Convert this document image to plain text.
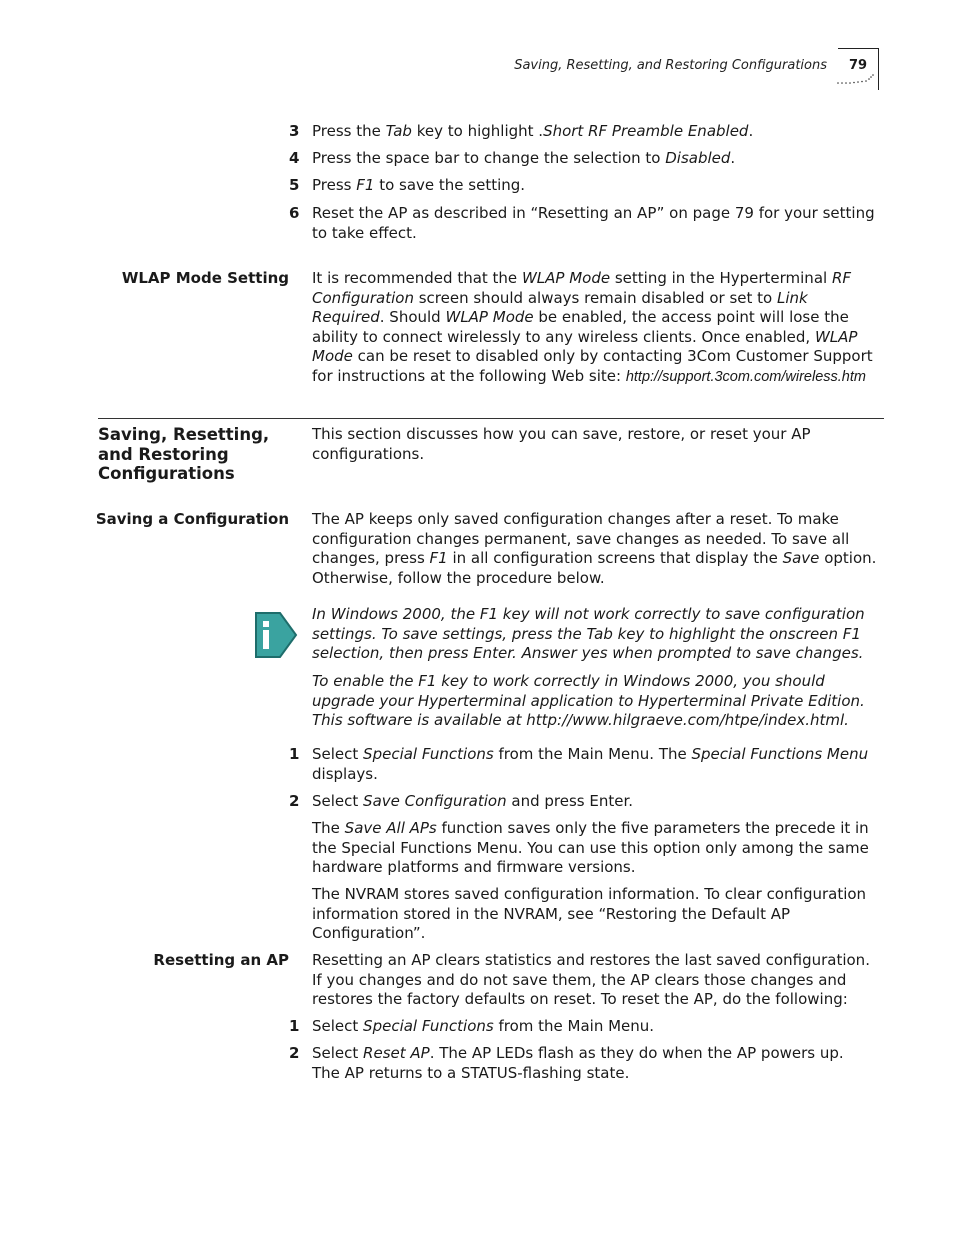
Saving, Resetting, and Restoring Configurations	79
3 Press the Tab key to highlight .Short RF Preamble Enabled.
4 Press the space bar to change the selection to Disabled.
5 Press F1 to save the setting.
6 Reset the AP as described in “Resetting an AP” on page 79 for your setting to take effect.
WLAP Mode Setting It is recommended that the WLAP Mode setting in the Hyperterminal RF Configuration screen should always remain disabled or set to Link Required. Should WLAP Mode be enabled, the access point will lose the ability to connect wirelessly to any wireless clients. Once enabled, WLAP Mode can be reset to disabled only by contacting 3Com Customer Support for instructions at the following Web site: http://support.3com.com/wireless.htm
Saving, Resetting,
and Restoring
Configurations
This section discusses how you can save, restore, or reset your AP configurations.
Saving a Configuration The AP keeps only saved configuration changes after a reset. To make configuration changes permanent, save changes as needed. To save all changes, press F1 in all configuration screens that display the Save option. Otherwise, follow the procedure below.
In Windows 2000, the F1 key will not work correctly to save configuration settings. To save settings, press the Tab key to highlight the onscreen F1 selection, then press Enter. Answer yes when prompted to save changes.
To enable the F1 key to work correctly in Windows 2000, you should upgrade your Hyperterminal application to Hyperterminal Private Edition. This software is available at http://www.hilgraeve.com/htpe/index.html.
1 Select Special Functions from the Main Menu. The Special Functions Menu displays.
2 Select Save Configuration and press Enter.
The Save All APs function saves only the five parameters the precede it in the Special Functions Menu. You can use this option only among the same hardware platforms and firmware versions.
The NVRAM stores saved configuration information. To clear configuration information stored in the NVRAM, see “Restoring the Default AP Configuration”.
Resetting an AP Resetting an AP clears statistics and restores the last saved configuration. If you changes and do not save them, the AP clears those changes and restores the factory defaults on reset. To reset the AP, do the following:
1 Select Special Functions from the Main Menu.
2 Select Reset AP. The AP LEDs flash as they do when the AP powers up. The AP returns to a STATUS-flashing state.
